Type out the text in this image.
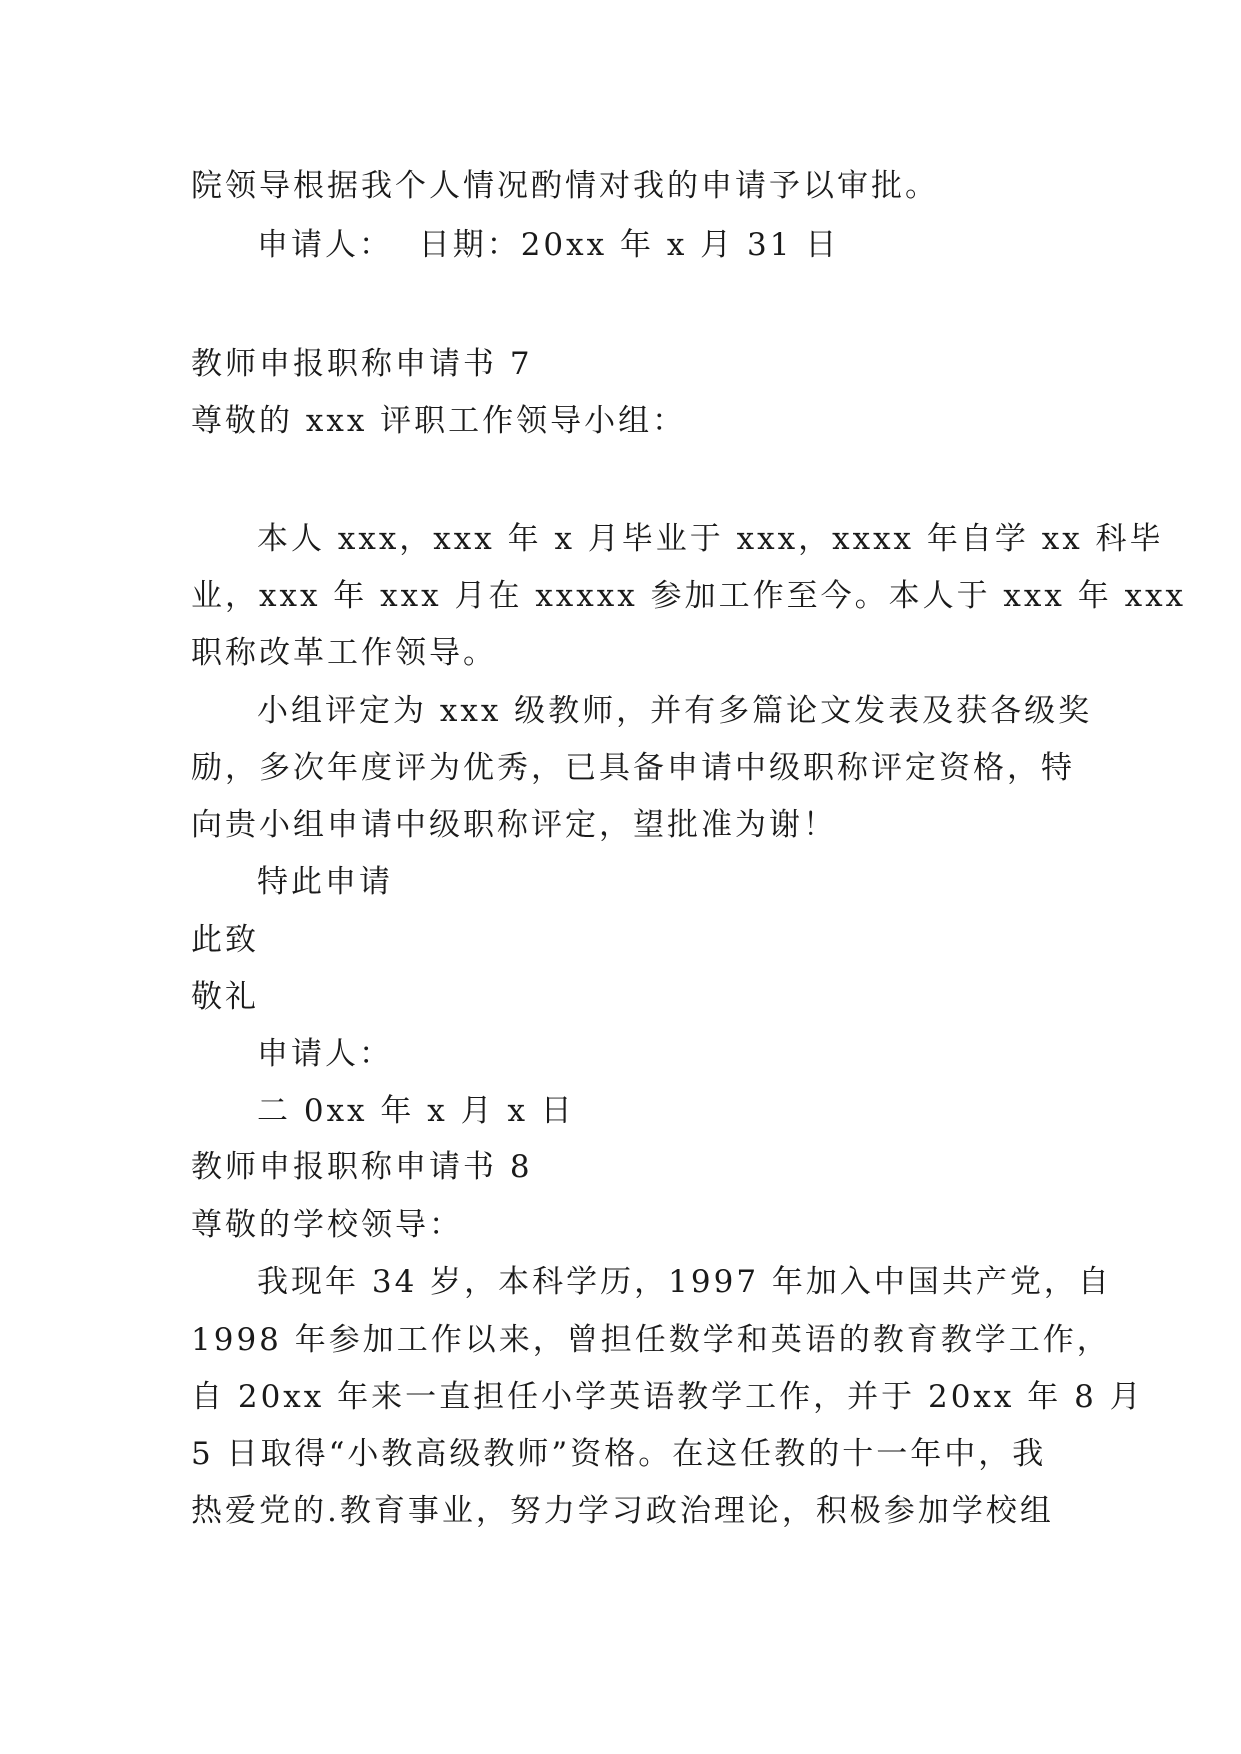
院领导根据我个人情况酌情对我的申请予以审批。

申请人：  日期：20xx 年 x 月 31 日

教师申报职称申请书 7

尊敬的 xxx 评职工作领导小组：

本人 xxx，xxx 年 x 月毕业于 xxx，xxxx 年自学 xx 科毕

业，xxx 年 xxx 月在 xxxxx 参加工作至今。本人于 xxx 年 xxx

职称改革工作领导。

小组评定为 xxx 级教师，并有多篇论文发表及获各级奖

励，多次年度评为优秀，已具备申请中级职称评定资格，特

向贵小组申请中级职称评定，望批准为谢！

特此申请

此致

敬礼

申请人：

二 0xx 年 x 月 x 日

教师申报职称申请书 8

尊敬的学校领导：

我现年 34 岁，本科学历，1997 年加入中国共产党，自

1998 年参加工作以来，曾担任数学和英语的教育教学工作，

自 20xx 年来一直担任小学英语教学工作，并于 20xx 年 8 月

5 日取得“小教高级教师”资格。在这任教的十一年中，我

热爱党的.教育事业，努力学习政治理论，积极参加学校组
